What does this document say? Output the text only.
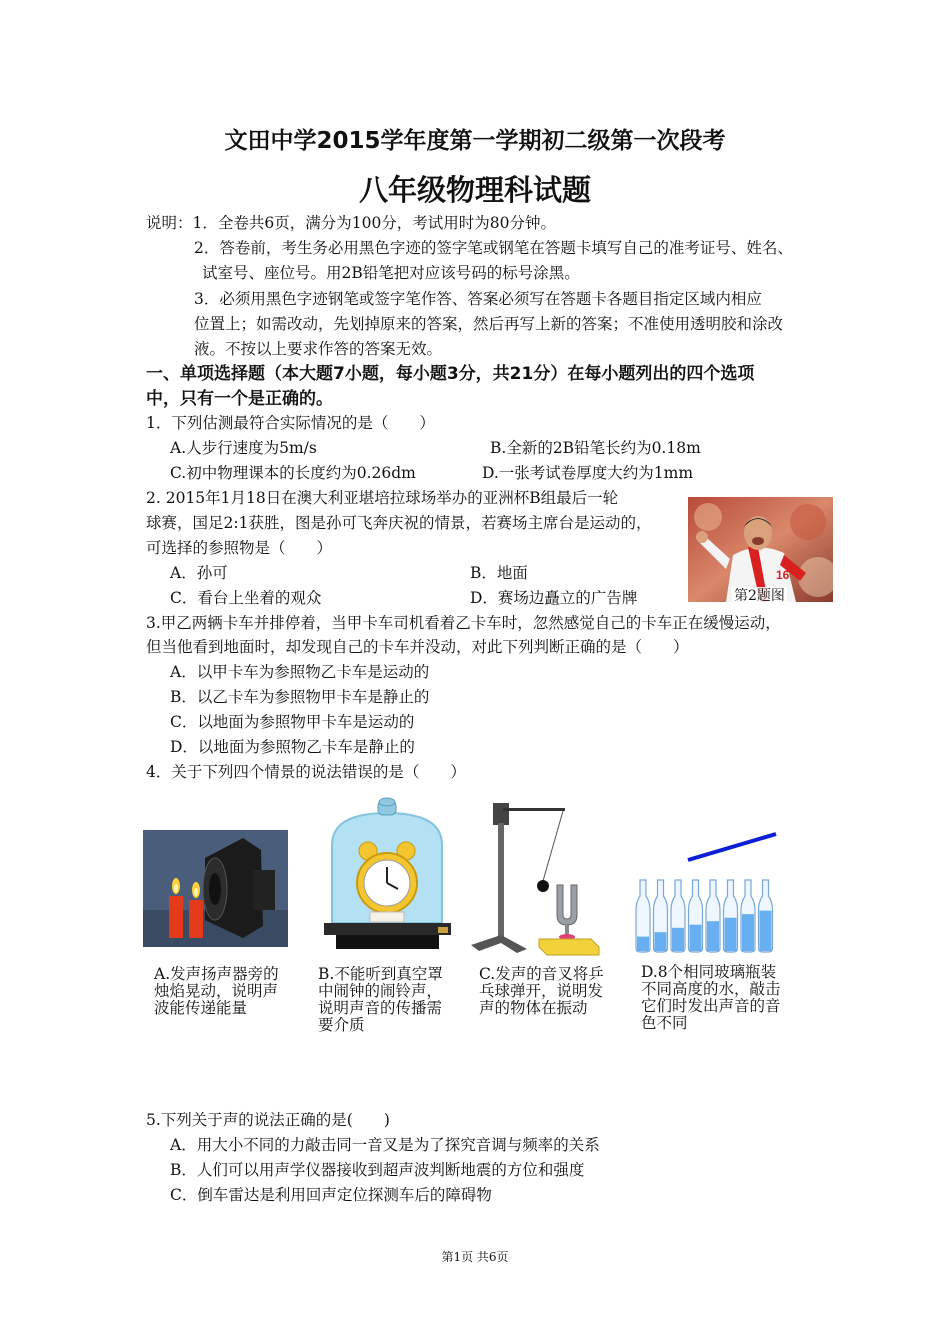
文田中学2015学年度第一学期初二级第一次段考
八年级物理科试题
说明：1．全卷共6页，满分为100分，考试用时为80分钟。
2．答卷前，考生务必用黑色字迹的签字笔或钢笔在答题卡填写自己的准考证号、姓名、
试室号、座位号。用2B铅笔把对应该号码的标号涂黑。
3．必须用黑色字迹钢笔或签字笔作答、答案必须写在答题卡各题目指定区域内相应
位置上；如需改动，先划掉原来的答案，然后再写上新的答案；不准使用透明胶和涂改
液。不按以上要求作答的答案无效。
一、单项选择题（本大题7小题，每小题3分，共21分）在每小题列出的四个选项
中，只有一个是正确的。
1．下列估测最符合实际情况的是（　　）
A.人步行速度为5m/s	B.全新的2B铅笔长约为0.18m
C.初中物理课本的长度约为0.26dm	D.一张考试卷厚度大约为1mm
2. 2015年1月18日在澳大利亚堪培拉球场举办的亚洲杯B组最后一轮
球赛，国足2:1获胜，图是孙可飞奔庆祝的情景，若赛场主席台是运动的，
可选择的参照物是（　　）
A．孙可	B．地面
C．看台上坐着的观众	D．赛场边矗立的广告牌
16
第2题图
3.甲乙两辆卡车并排停着，当甲卡车司机看着乙卡车时，忽然感觉自己的卡车正在缓慢运动，
但当他看到地面时，却发现自己的卡车并没动，对此下列判断正确的是（　　）
A．以甲卡车为参照物乙卡车是运动的
B．以乙卡车为参照物甲卡车是静止的
C．以地面为参照物甲卡车是运动的
D．以地面为参照物乙卡车是静止的
4．关于下列四个情景的说法错误的是（　　）
A.发声扬声器旁的烛焰晃动，说明声波能传递能量
B.不能听到真空罩中闹钟的闹铃声，说明声音的传播需要介质
C.发声的音叉将乒乓球弹开，说明发声的物体在振动
D.8个相同玻璃瓶装不同高度的水，敲击它们时发出声音的音色不同
5.下列关于声的说法正确的是(　　)
A．用大小不同的力敲击同一音叉是为了探究音调与频率的关系
B．人们可以用声学仪器接收到超声波判断地震的方位和强度
C．倒车雷达是利用回声定位探测车后的障碍物
第1页 共6页
